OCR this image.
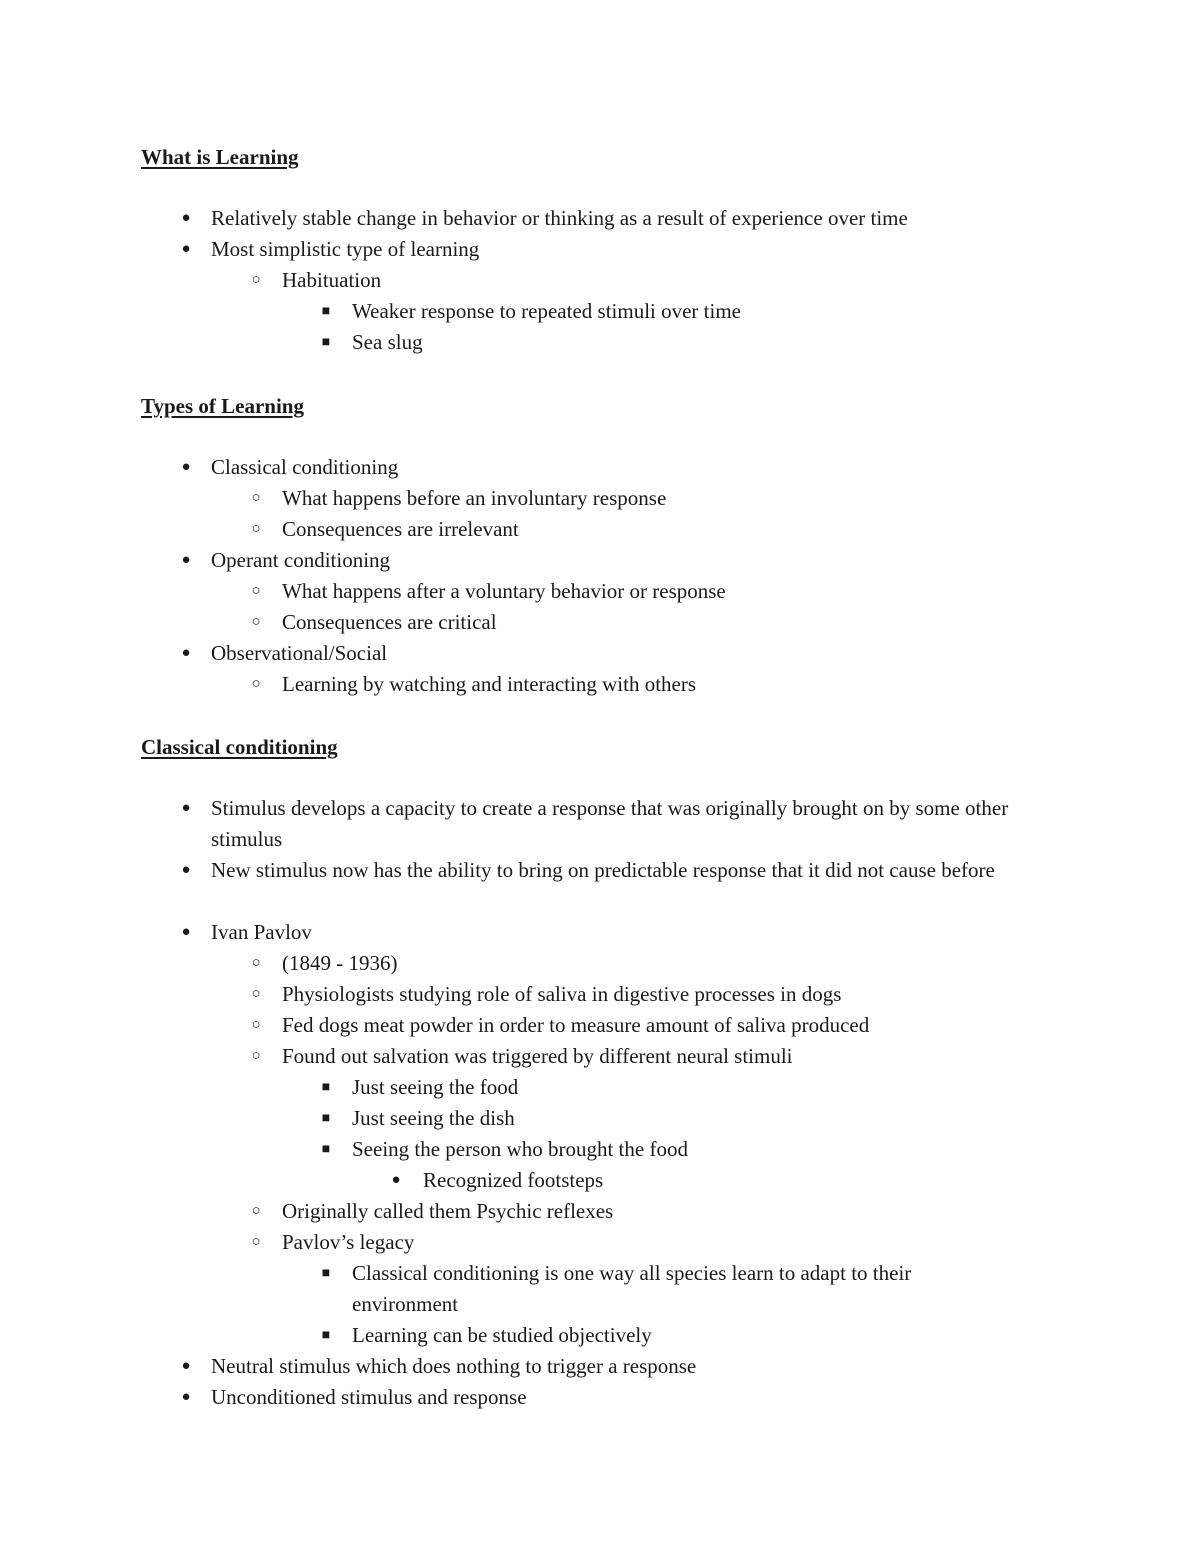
What is Learning
● Relatively stable change in behavior or thinking as a result of experience over time
● Most simplistic type of learning
○ Habituation
■ Weaker response to repeated stimuli over time
■ Sea slug
Types of Learning
● Classical conditioning
○ What happens before an involuntary response
○ Consequences are irrelevant
● Operant conditioning
○ What happens after a voluntary behavior or response
○ Consequences are critical
● Observational/Social
○ Learning by watching and interacting with others
Classical conditioning
● Stimulus develops a capacity to create a response that was originally brought on by some other stimulus
● New stimulus now has the ability to bring on predictable response that it did not cause before
● Ivan Pavlov
○ (1849 - 1936)
○ Physiologists studying role of saliva in digestive processes in dogs
○ Fed dogs meat powder in order to measure amount of saliva produced
○ Found out salvation was triggered by different neural stimuli
■ Just seeing the food
■ Just seeing the dish
■ Seeing the person who brought the food
● Recognized footsteps
○ Originally called them Psychic reflexes
○ Pavlov’s legacy
■ Classical conditioning is one way all species learn to adapt to their environment
■ Learning can be studied objectively
● Neutral stimulus which does nothing to trigger a response
● Unconditioned stimulus and response
